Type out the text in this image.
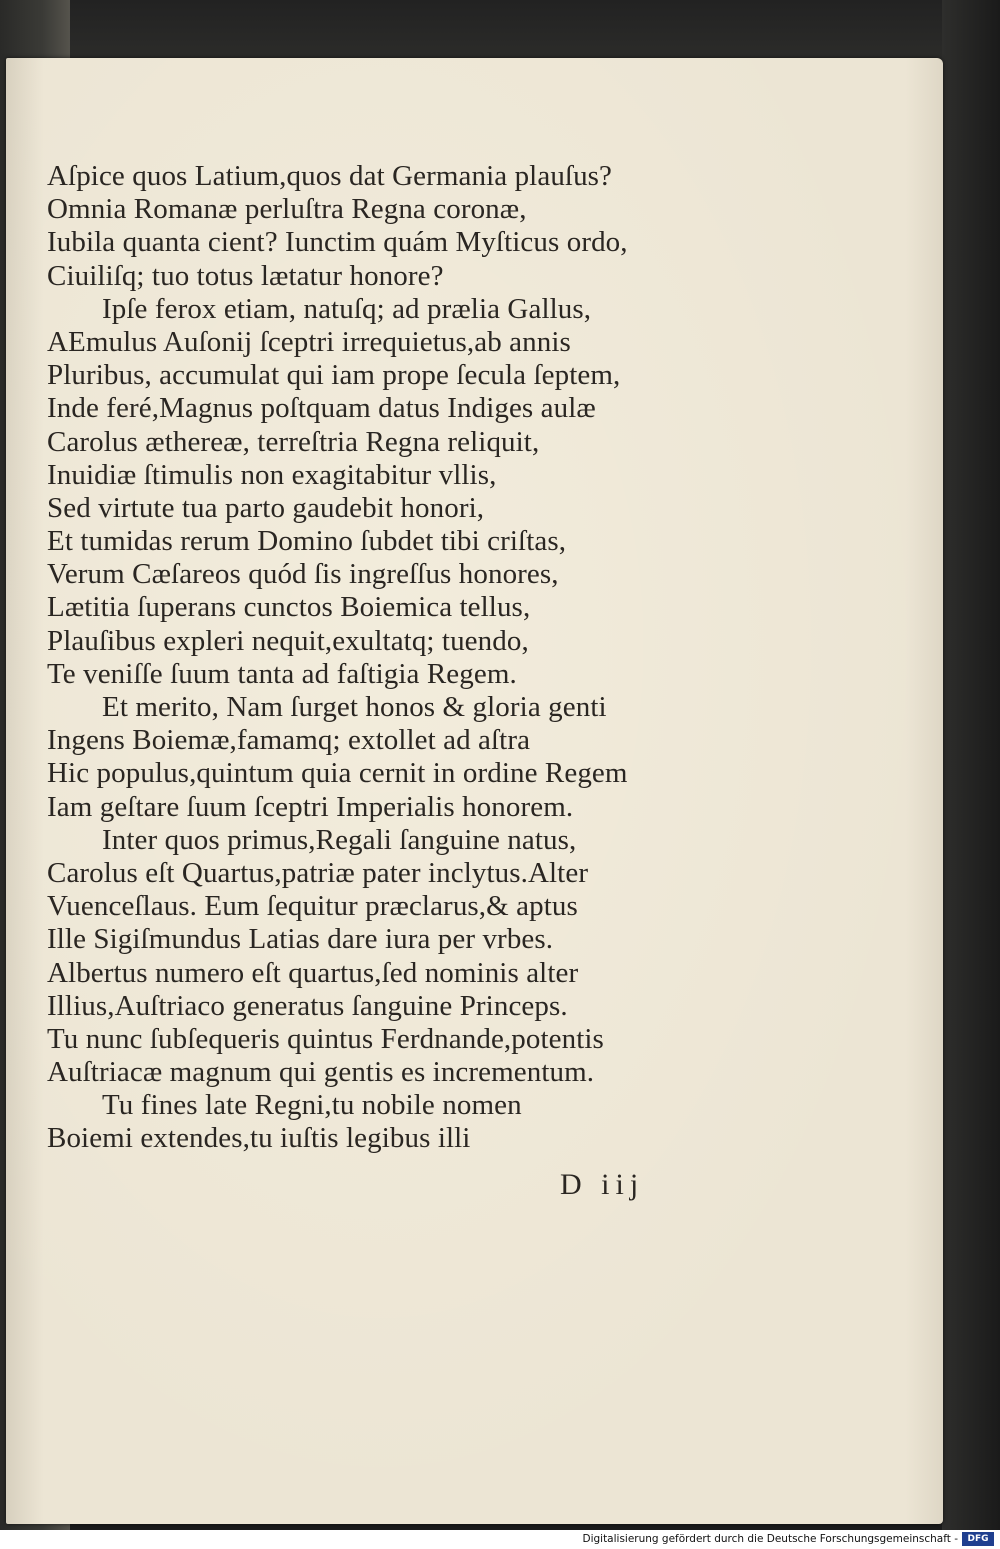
Aſpice quos Latium,quos dat Germania plauſus?
Omnia Romanæ perluſtra Regna coronæ,
Iubila quanta cient? Iunctim quám Myſticus ordo,
Ciuiliſq; tuo totus lætatur honore?
Ipſe ferox etiam, natuſq; ad prælia Gallus,
AEmulus Auſonij ſceptri irrequietus,ab annis
Pluribus, accumulat qui iam prope ſecula ſeptem,
Inde feré,Magnus poſtquam datus Indiges aulæ
Carolus æthereæ, terreſtria Regna reliquit,
Inuidiæ ſtimulis non exagitabitur vllis,
Sed virtute tua parto gaudebit honori,
Et tumidas rerum Domino ſubdet tibi criſtas,
Verum Cæſareos quód ſis ingreſſus honores,
Lætitia ſuperans cunctos Boiemica tellus,
Plauſibus expleri nequit,exultatq; tuendo,
Te veniſſe ſuum tanta ad faſtigia Regem.
Et merito, Nam ſurget honos & gloria genti
Ingens Boiemæ,famamq; extollet ad aſtra
Hic populus,quintum quia cernit in ordine Regem
Iam geſtare ſuum ſceptri Imperialis honorem.
Inter quos primus,Regali ſanguine natus,
Carolus eſt Quartus,patriæ pater inclytus.Alter
Vuenceſlaus. Eum ſequitur præclarus,& aptus
Ille Sigiſmundus Latias dare iura per vrbes.
Albertus numero eſt quartus,ſed nominis alter
Illius,Auſtriaco generatus ſanguine Princeps.
Tu nunc ſubſequeris quintus Ferdnande,potentis
Auſtriacæ magnum qui gentis es incrementum.
Tu fines late Regni,tu nobile nomen
Boiemi extendes,tu iuſtis legibus illi
D iij
Digitalisierung gefördert durch die Deutsche Forschungsgemeinschaft -	DFG
